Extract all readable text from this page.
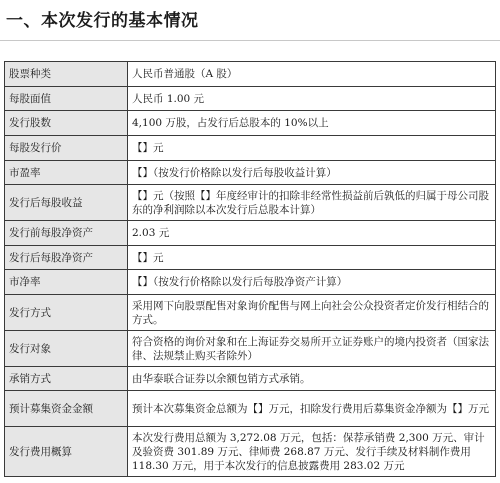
一、本次发行的基本情况
股票种类	人民币普通股（A 股）
每股面值	人民币 1.00 元
发行股数	4,100 万股，占发行后总股本的 10%以上
每股发行价	【】元
市盈率	【】（按发行价格除以发行后每股收益计算）
发行后每股收益	【】元（按照【】年度经审计的扣除非经常性损益前后孰低的归属于母公司股东的净利润除以本次发行后总股本计算）
发行前每股净资产	2.03 元
发行后每股净资产	【】元
市净率	【】（按发行价格除以发行后每股净资产计算）
发行方式	采用网下向股票配售对象询价配售与网上向社会公众投资者定价发行相结合的方式。
发行对象	符合资格的询价对象和在上海证券交易所开立证券账户的境内投资者（国家法律、法规禁止购买者除外）
承销方式	由华泰联合证券以余额包销方式承销。
预计募集资金金额	预计本次募集资金总额为【】万元，扣除发行费用后募集资金净额为【】万元
发行费用概算	本次发行费用总额为 3,272.08 万元，包括：保荐承销费 2,300 万元、审计及验资费 301.89 万元、律师费 268.87 万元、发行手续及材料制作费用 118.30 万元，用于本次发行的信息披露费用 283.02 万元
